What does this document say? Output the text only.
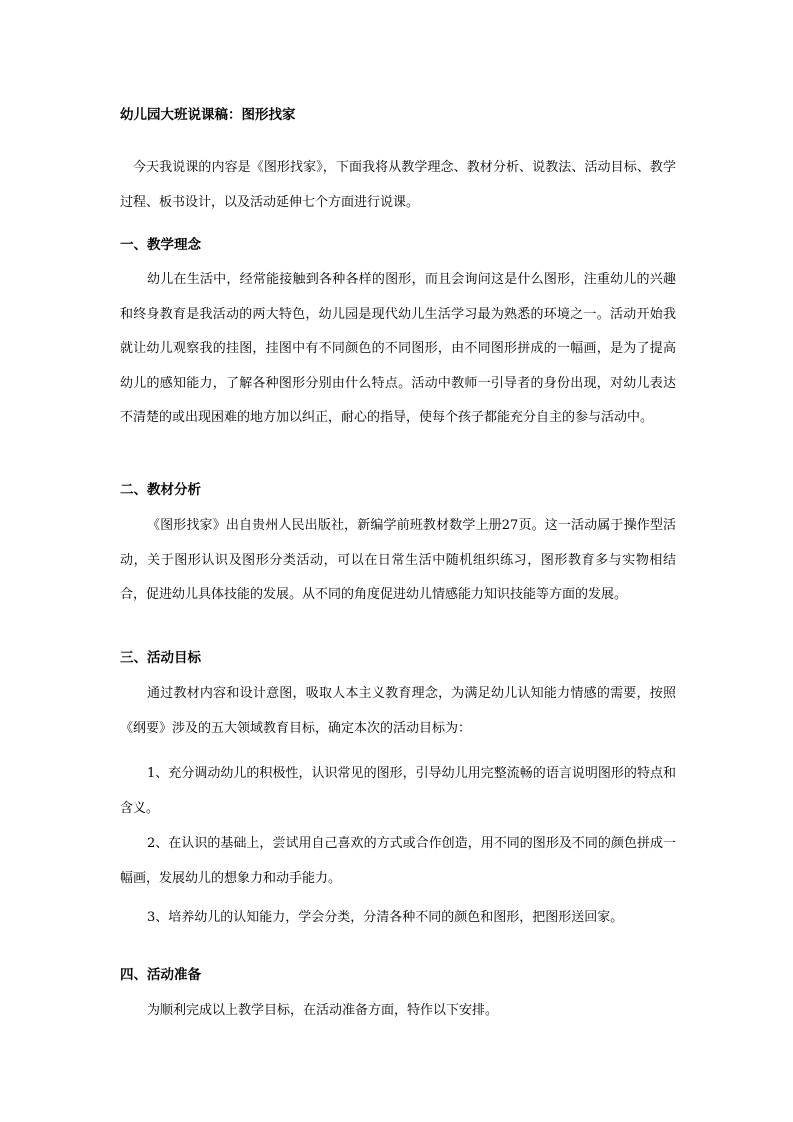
幼儿园大班说课稿：图形找家
今天我说课的内容是《图形找家》，下面我将从教学理念、教材分析、说教法、活动目标、教学过程、板书设计，以及活动延伸七个方面进行说课。
一、教学理念
幼儿在生活中，经常能接触到各种各样的图形，而且会询问这是什么图形，注重幼儿的兴趣和终身教育是我活动的两大特色，幼儿园是现代幼儿生活学习最为熟悉的环境之一。活动开始我就让幼儿观察我的挂图，挂图中有不同颜色的不同图形，由不同图形拼成的一幅画，是为了提高幼儿的感知能力，了解各种图形分别由什么特点。活动中教师一引导者的身份出现，对幼儿表达不清楚的或出现困难的地方加以纠正，耐心的指导，使每个孩子都能充分自主的参与活动中。
二、教材分析
《图形找家》出自贵州人民出版社，新编学前班教材数学上册27页。这一活动属于操作型活动，关于图形认识及图形分类活动，可以在日常生活中随机组织练习，图形教育多与实物相结合，促进幼儿具体技能的发展。从不同的角度促进幼儿情感能力知识技能等方面的发展。
三、活动目标
通过教材内容和设计意图，吸取人本主义教育理念，为满足幼儿认知能力情感的需要，按照《纲要》涉及的五大领域教育目标，确定本次的活动目标为：
1、充分调动幼儿的积极性，认识常见的图形，引导幼儿用完整流畅的语言说明图形的特点和含义。
2、在认识的基础上，尝试用自己喜欢的方式或合作创造，用不同的图形及不同的颜色拼成一幅画，发展幼儿的想象力和动手能力。
3、培养幼儿的认知能力，学会分类，分清各种不同的颜色和图形，把图形送回家。
四、活动准备
为顺利完成以上教学目标，在活动准备方面，特作以下安排。
